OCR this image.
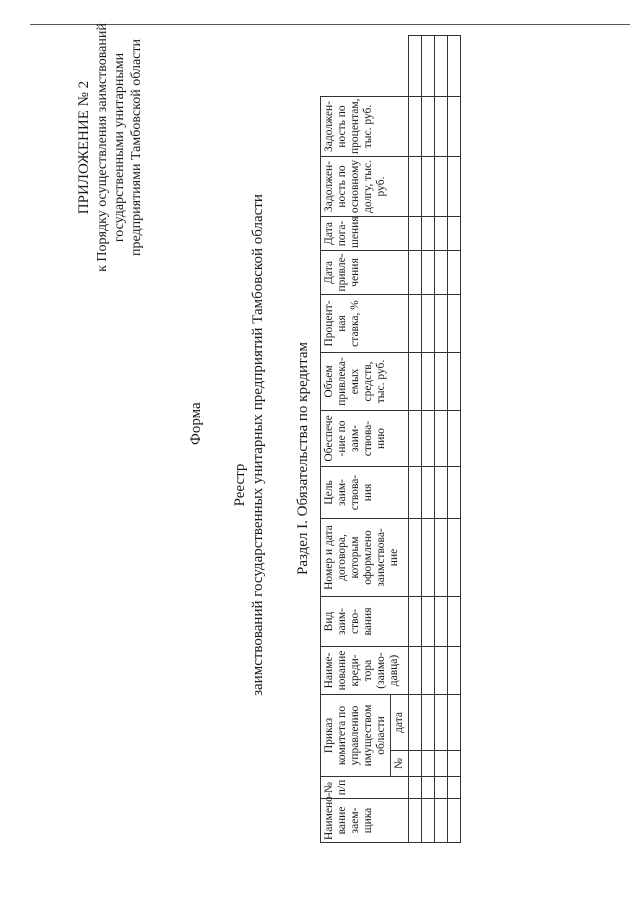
ПРИЛОЖЕНИЕ № 2 к Порядку осуществления заимствований государственными унитарными предприятиями Тамбовской области
Форма
Реестр заимствований государственных унитарных предприятий Тамбовской области Раздел I. Обязательства по кредитам
Наимено-вание заем-щика	№ п/п	Приказ комитета по управлению имуществом области		Наиме-нование креди-тора (заимо-давца)	Вид заим-ство-вания	Номер и дата договора, которым оформлено заимствова-ние	Цель заим-ствова-ния	Обеспече -ние по заим-ствова-нию	Объем привлека-емых средств, тыс. руб.	Процент-ная ставка, %	Дата привле-чения	Дата пога-шения	Задолжен-ность по основному долгу, тыс. руб.	Задолжен-ность по процентам, тыс. руб.	
		№	дата												
